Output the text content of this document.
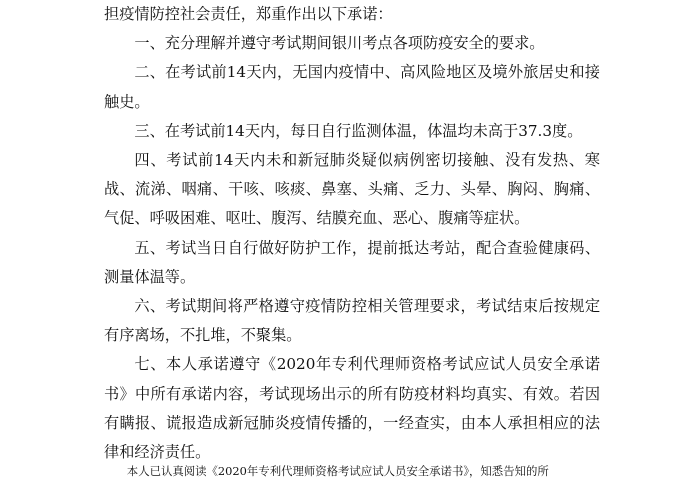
担疫情防控社会责任，郑重作出以下承诺：

一、充分理解并遵守考试期间银川考点各项防疫安全的要求。

二、在考试前14天内，无国内疫情中、高风险地区及境外旅居史和接触史。

三、在考试前14天内，每日自行监测体温，体温均未高于37.3度。

四、考试前14天内未和新冠肺炎疑似病例密切接触、没有发热、寒战、流涕、咽痛、干咳、咳痰、鼻塞、头痛、乏力、头晕、胸闷、胸痛、气促、呼吸困难、呕吐、腹泻、结膜充血、恶心、腹痛等症状。

五、考试当日自行做好防护工作，提前抵达考站，配合查验健康码、测量体温等。

六、考试期间将严格遵守疫情防控相关管理要求，考试结束后按规定有序离场，不扎堆，不聚集。

七、本人承诺遵守《2020年专利代理师资格考试应试人员安全承诺书》中所有承诺内容，考试现场出示的所有防疫材料均真实、有效。若因有瞒报、谎报造成新冠肺炎疫情传播的，一经查实，由本人承担相应的法律和经济责任。

本人已认真阅读《2020年专利代理师资格考试应试人员安全承诺书》，知悉告知的所
